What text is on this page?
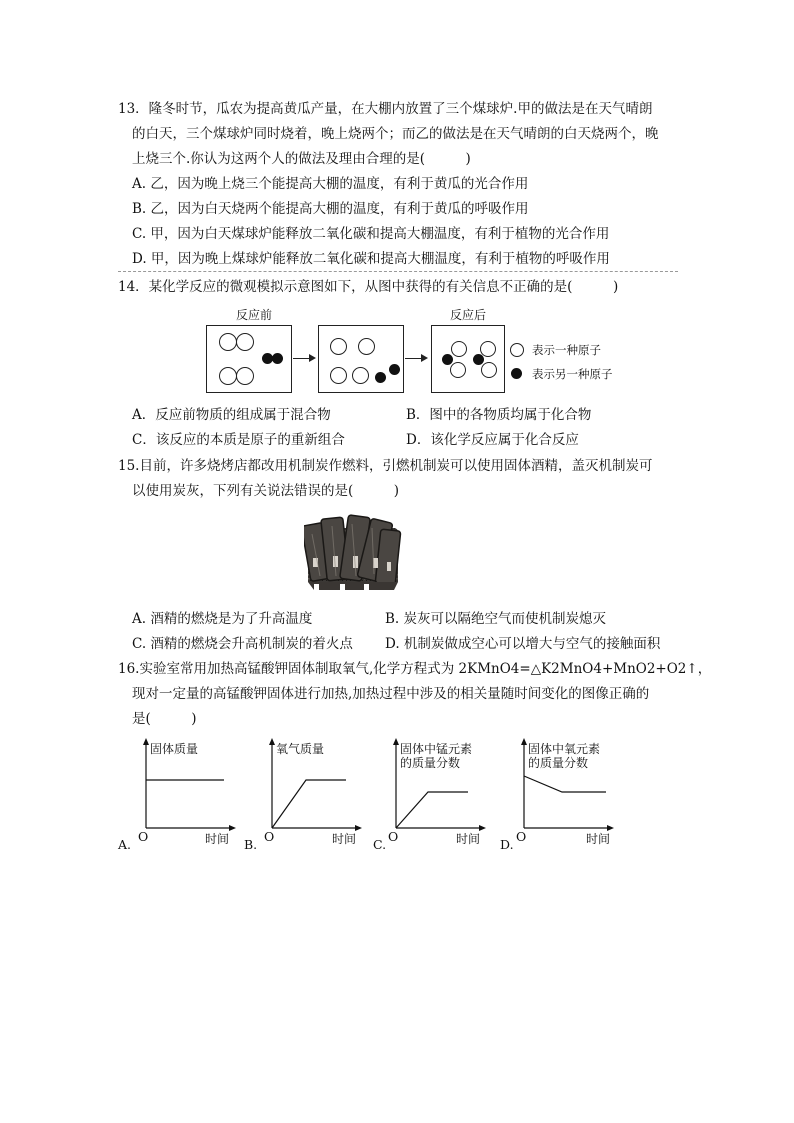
13．隆冬时节，瓜农为提高黄瓜产量，在大棚内放置了三个煤球炉.甲的做法是在天气晴朗
的白天，三个煤球炉同时烧着，晚上烧两个；而乙的做法是在天气晴朗的白天烧两个，晚
上烧三个.你认为这两个人的做法及理由合理的是(　　　)
A. 乙，因为晚上烧三个能提高大棚的温度，有利于黄瓜的光合作用
B. 乙，因为白天烧两个能提高大棚的温度，有利于黄瓜的呼吸作用
C. 甲，因为白天煤球炉能释放二氧化碳和提高大棚温度，有利于植物的光合作用
D. 甲，因为晚上煤球炉能释放二氧化碳和提高大棚温度，有利于植物的呼吸作用
14．某化学反应的微观模拟示意图如下，从图中获得的有关信息不正确的是(　　　)
反应前	反应后
表示一种原子
表示另一种原子
A．反应前物质的组成属于混合物	B．图中的各物质均属于化合物
C．该反应的本质是原子的重新组合	D．该化学反应属于化合反应
15.目前，许多烧烤店都改用机制炭作燃料，引燃机制炭可以使用固体酒精，盖灭机制炭可
以使用炭灰，下列有关说法错误的是(　　　)
A. 酒精的燃烧是为了升高温度	B. 炭灰可以隔绝空气而使机制炭熄灭
C. 酒精的燃烧会升高机制炭的着火点 D. 机制炭做成空心可以增大与空气的接触面积
16.实验室常用加热高锰酸钾固体制取氧气,化学方程式为 2KMnO4=△K2MnO4+MnO2+O2↑，
现对一定量的高锰酸钾固体进行加热,加热过程中涉及的相关量随时间变化的图像正确的
是(　　　)
固体质量
O	时间
A.
氧气质量
O	时间
B.
固体中锰元素
的质量分数
O	时间
C.
固体中氧元素
的质量分数
O	时间
D.
